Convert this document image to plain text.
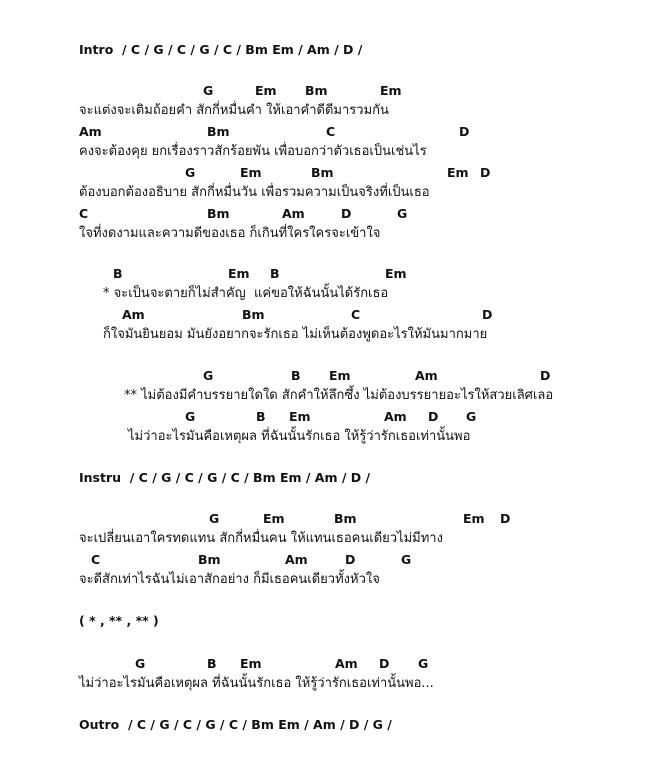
Intro / C / G / C / G / C / Bm Em / Am / D /
G	Em Bm	Em
จะแต่งจะเติมถ้อยคำ สักกี่หมื่นคำ ให้เอาคำดีดีมารวมกัน
Am	Bm	C	D
คงจะต้องคุย ยกเรื่องราวสักร้อยพัน เพื่อบอกว่าตัวเธอเป็นเช่นไร
G	Em	Bm	Em D
ต้องบอกต้องอธิบาย สักกี่หมื่นวัน เพื่อรวมความเป็นจริงที่เป็นเธอ
C	Bm	Am	D	G
ใจที่งดงามและความดีของเธอ ก็เกินที่ใครใครจะเข้าใจ
B	Em B	Em
* จะเป็นจะตายก็ไม่สำคัญ  แค่ขอให้ฉันนั้นได้รักเธอ
Am	Bm	C	D
ก็ใจมันยินยอม มันยังอยากจะรักเธอ ไม่เห็นต้องพูดอะไรให้มันมากมาย
G	B Em	Am	D
** ไม่ต้องมีคำบรรยายใดใด สักคำให้ลึกซึ้ง ไม่ต้องบรรยายอะไรให้สวยเลิศเลอ
G	B Em	Am D G
ไม่ว่าอะไรมันคือเหตุผล ที่ฉันนั้นรักเธอ ให้รู้ว่ารักเธอเท่านั้นพอ
Instru / C / G / C / G / C / Bm Em / Am / D /
G	Em	Bm	Em D
จะเปลี่ยนเอาใครทดแทน สักกี่หมื่นคน ให้แทนเธอคนเดียวไม่มีทาง
C	Bm	Am	D	G
จะดีสักเท่าไรฉันไม่เอาสักอย่าง ก็มีเธอคนเดียวทั้งหัวใจ
( * , ** , ** )
G	B Em	Am D G
ไม่ว่าอะไรมันคือเหตุผล ที่ฉันนั้นรักเธอ ให้รู้ว่ารักเธอเท่านั้นพอ...
Outro / C / G / C / G / C / Bm Em / Am / D / G /
